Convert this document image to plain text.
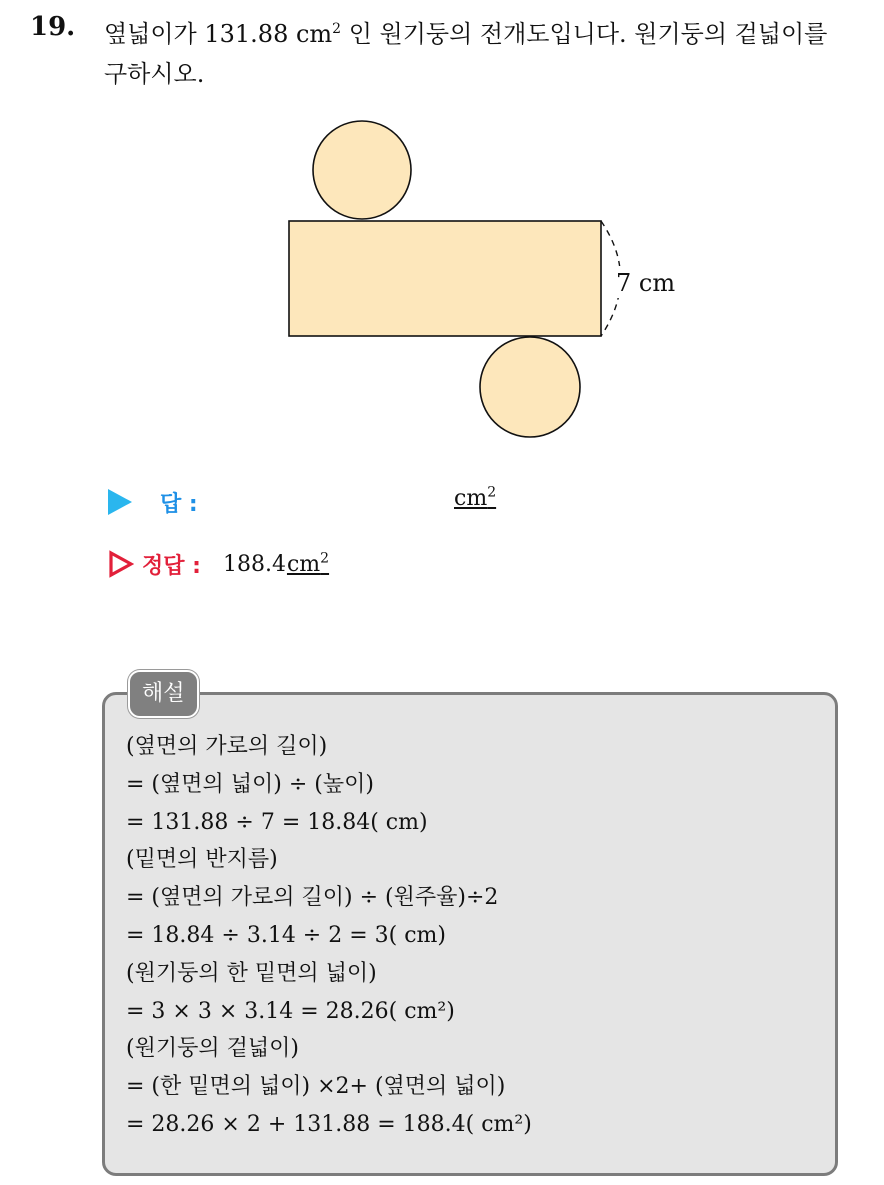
19. 옆넓이가 131.88 $cm^2$ 인 원기둥의 전개도입니다. 원기둥의 겉넓이를
구하시오.
7 cm
답 :	$cm^2$
정답 : 188.4 $cm^2$
해설
(옆면의 가로의 길이)
= (옆면의 넓이) ÷ (높이)
= 131.88 ÷ 7 = 18.84( cm)
(밑면의 반지름)
= (옆면의 가로의 길이) ÷ (원주율)÷2
= 18.84 ÷ 3.14 ÷ 2 = 3( cm)
(원기둥의 한 밑면의 넓이)
= 3 × 3 × 3.14 = 28.26( cm²)
(원기둥의 겉넓이)
= (한 밑면의 넓이) ×2+ (옆면의 넓이)
= 28.26 × 2 + 131.88 = 188.4( cm²)
